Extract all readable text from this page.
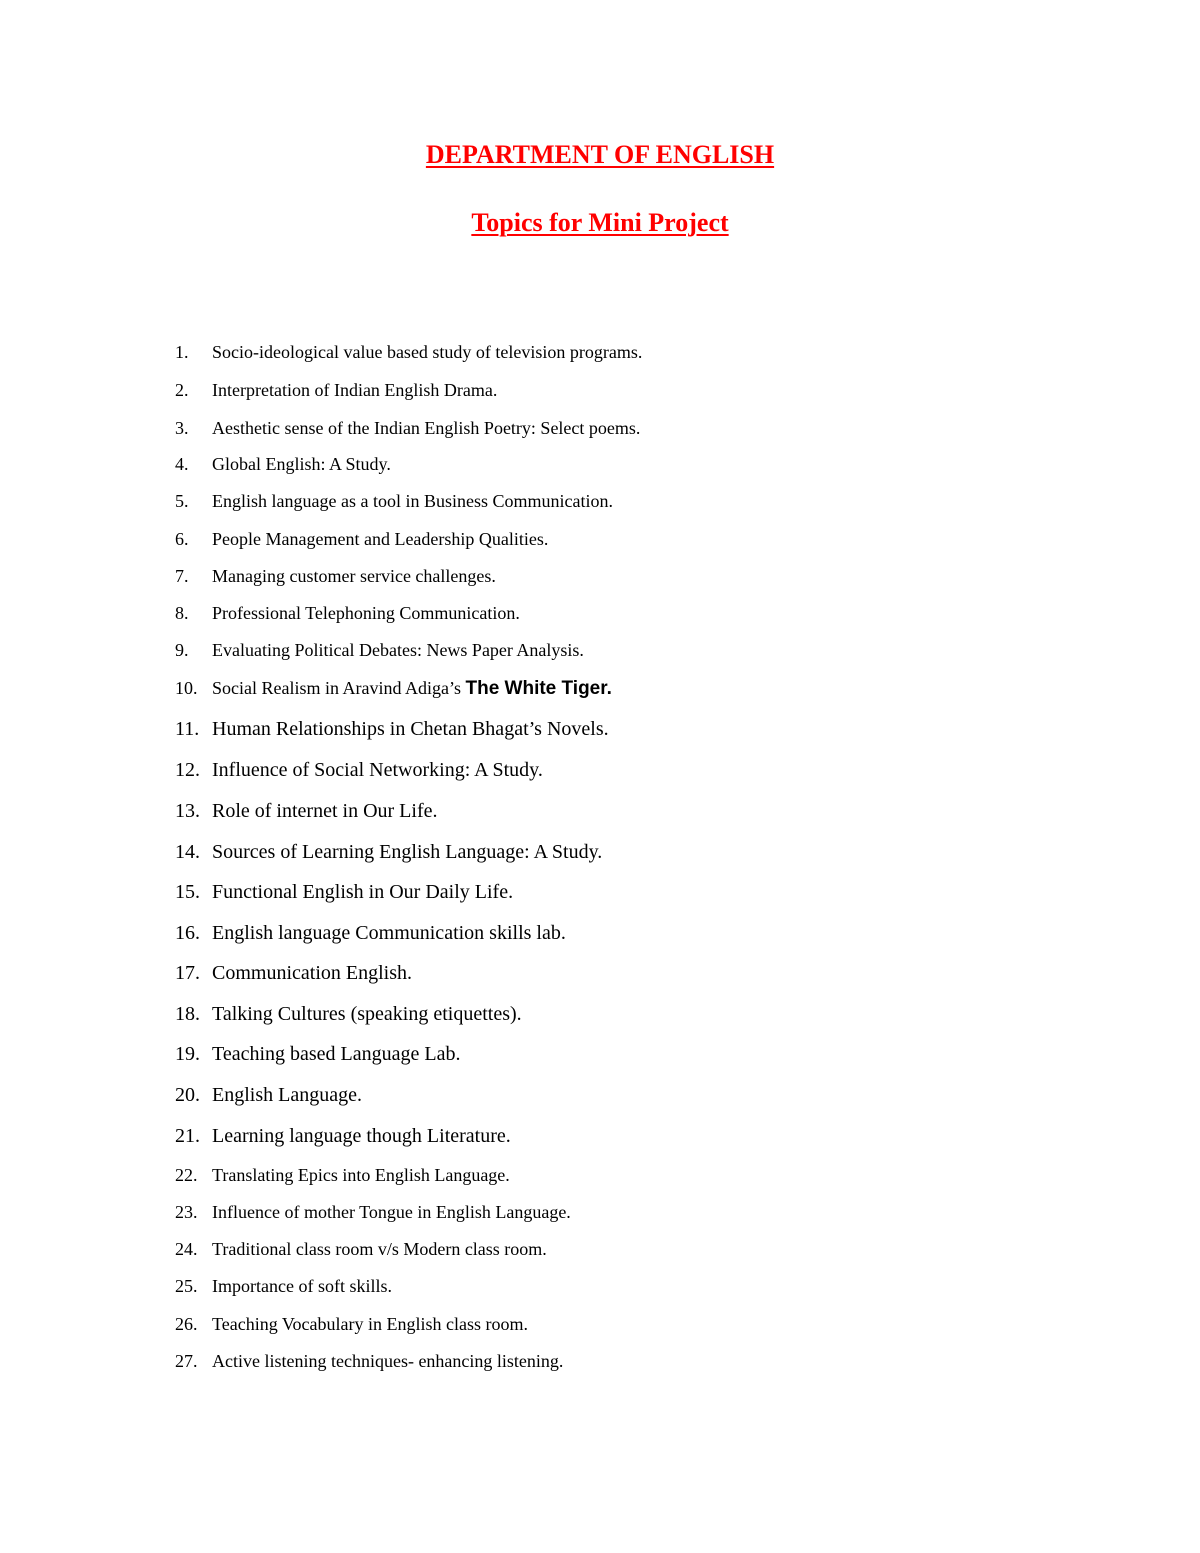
DEPARTMENT OF ENGLISH
Topics for Mini Project
1. Socio-ideological value based study of television programs.
2. Interpretation of Indian English Drama.
3. Aesthetic sense of the Indian English Poetry: Select poems.
4. Global English: A Study.
5. English language as a tool in Business Communication.
6. People Management and Leadership Qualities.
7. Managing customer service challenges.
8. Professional Telephoning Communication.
9. Evaluating Political Debates: News Paper Analysis.
10. Social Realism in Aravind Adiga’s The White Tiger.
11. Human Relationships in Chetan Bhagat’s Novels.
12. Influence of Social Networking: A Study.
13. Role of internet in Our Life.
14. Sources of Learning English Language: A Study.
15. Functional English in Our Daily Life.
16. English language Communication skills lab.
17. Communication English.
18. Talking Cultures (speaking etiquettes).
19. Teaching based Language Lab.
20. English Language.
21. Learning language though Literature.
22. Translating Epics into English Language.
23. Influence of mother Tongue in English Language.
24. Traditional class room v/s Modern class room.
25. Importance of soft skills.
26. Teaching Vocabulary in English class room.
27. Active listening techniques- enhancing listening.
